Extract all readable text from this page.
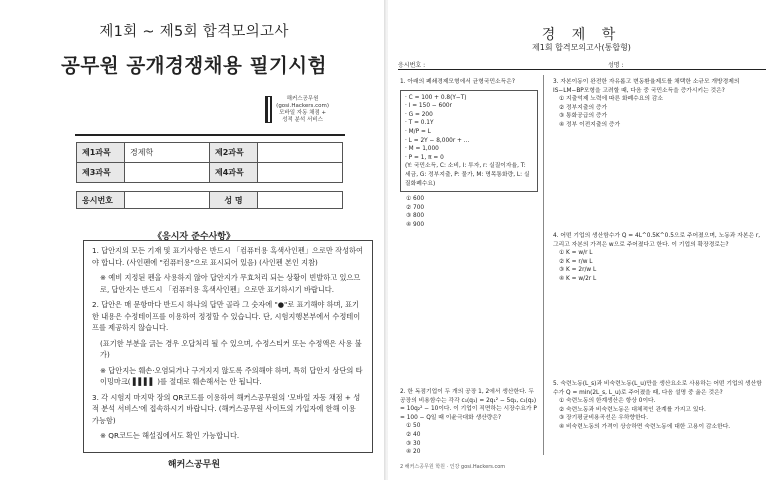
제1회 ~ 제5회 합격모의고사
공무원 공개경쟁채용 필기시험
해커스공무원
(gosi.Hackers.com)
모바일 자동 채점 +
성적 분석 서비스
제1과목	경제학	제2과목	
제3과목		제4과목	
응시번호		성 명	
《응시자 준수사항》

1. 답안지의 모든 기재 및 표기사항은 반드시 「컴퓨터용 흑색사인펜」으로만 작성하여야 합니다. (사인펜에 "컴퓨터용"으로 표시되어 있음) (사인펜 본인 지참)

※ 예비 지정된 펜을 사용하지 않아 답안지가 무효처리 되는 상황이 빈발하고 있으므로, 답안지는 반드시 「컴퓨터용 흑색사인펜」으로만 표기하시기 바랍니다.

2. 답안은 매 문항마다 반드시 하나의 답만 골라 그 숫자에 "●"로 표기해야 하며, 표기한 내용은 수정테이프를 이용하여 정정할 수 있습니다. 단, 시험지행본부에서 수정테이프를 제공하지 않습니다.

(표기한 부분을 긁는 경우 오답처리 될 수 있으며, 수정스티커 또는 수정액은 사용 불가)

※ 답안지는 훼손·오염되거나 구겨지지 않도록 주의해야 하며, 특히 답안지 상단의 타이밍마크( ▌▌▌▌ )를 절대로 훼손해서는 안 됩니다.

3. 각 시험지 마지막 장의 QR코드를 이용하여 해커스공무원의 '모바일 자동 채점 + 성적 분석 서비스'에 접속하시기 바랍니다. (해커스공무원 사이트의 가입자에 한해 이용 가능함)

※ QR코드는 해설집에서도 확인 가능합니다.

해커스공무원
경 제 학
제1회 합격모의고사(통합형)
응시번호 :	성명 :
1. 아래의 폐쇄경제모형에서 균형국민소득은?
· C = 100 + 0.8(Y−T)
· I = 150 − 600r
· G = 200
· T = 0.1Y
· M/P = L
· L = 2Y − 8,000r + ...
· M = 1,000
· P = 1, π = 0
(Y: 국민소득, C: 소비, I: 투자, r: 실질이자율, T: 세금, G: 정부지출, P: 물가, M: 명목통화량, L: 실질화폐수요)
① 600
② 700
③ 800
④ 900
2. 한 독점기업이 두 개의 공장 1, 2에서 생산한다. 두 공장의 비용함수는 각각 c₁(q₁) = 2q₁² − 5q₁, c₂(q₂) = 10q₂² − 10이다. 이 기업이 직면하는 시장수요가 P = 100 − Q일 때 이윤극대화 생산량은?
① 50
② 40
③ 30
④ 20
3. 자본이동이 완전한 자유롭고 변동환율제도를 채택한 소규모 개방경제의 IS−LM−BP모형을 고려할 때, 다음 중 국민소득을 증가시키는 것은?
① 지출억제 노력에 따른 화폐수요의 감소
② 정부지출의 증가
③ 통화공급의 증가
④ 정부 이전지출의 증가
4. 어떤 기업의 생산함수가 Q = 4L^0.5K^0.5으로 주어졌으며, 노동과 자본은 r, 그리고 자본의 가격은 w으로 주어졌다고 한다. 이 기업의 확장경로는?
① K = w/r L
② K = r/w L
③ K = 2r/w L
④ K = w/2r L
5. 숙련노동(L_s)과 비숙련노동(L_u)만을 생산요소로 사용하는 어떤 기업의 생산함수가 Q = min(2L_s, L_u)로 주어졌을 때, 다음 설명 중 옳은 것은?
① 숙련노동의 한계생산은 항상 0이다.
② 숙련노동과 비숙련노동은 대체적인 관계를 가지고 있다.
③ 장기평균비용곡선은 우하향한다.
④ 비숙련노동의 가격이 상승하면 숙련노동에 대한 고용이 감소한다.
2 해커스공무원 학원 · 인강 gosi.Hackers.com
